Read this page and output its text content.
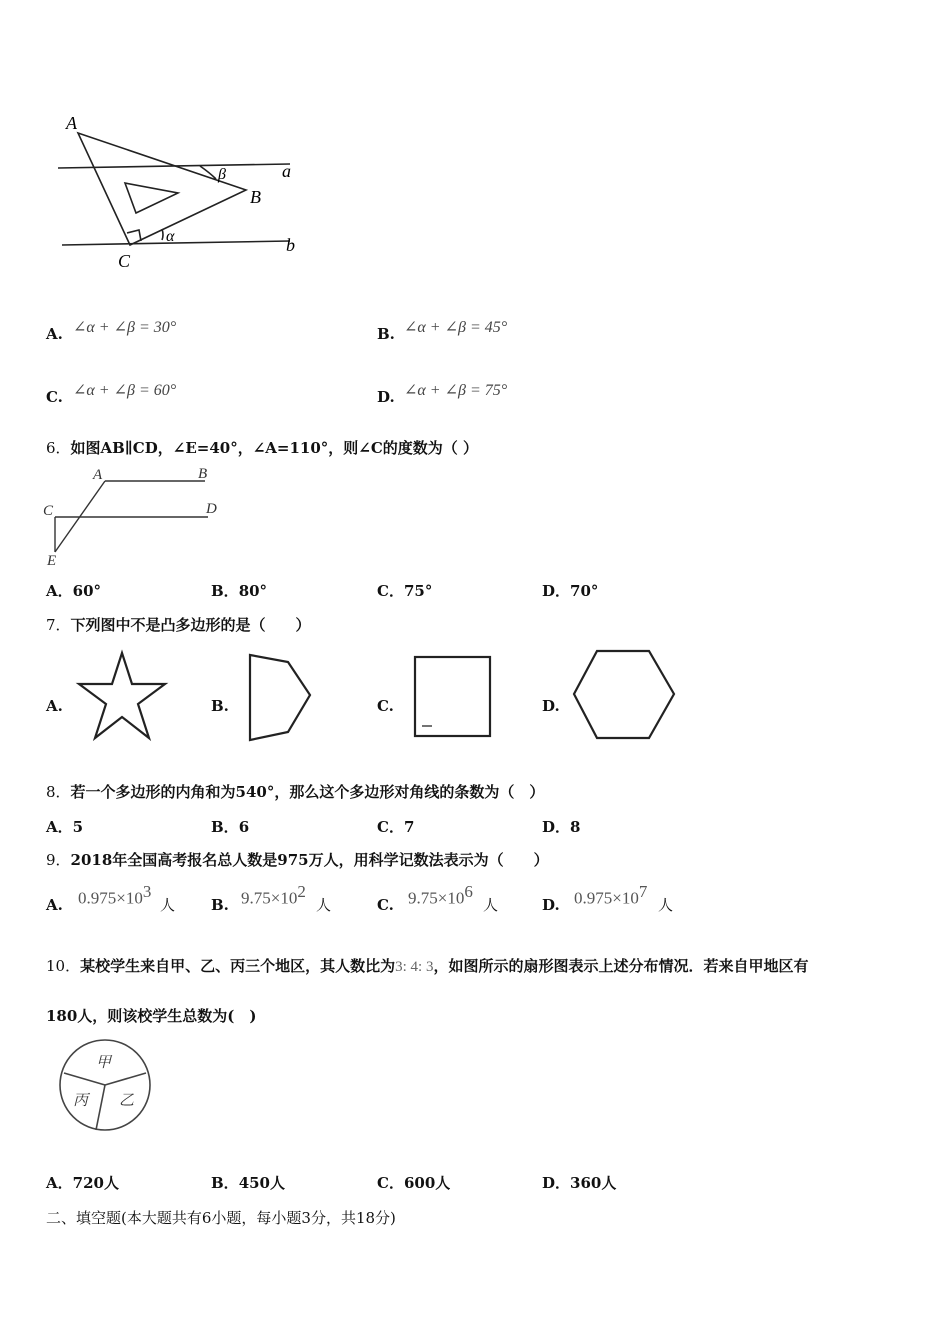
A
B
C
a
b
α
β
A. ∠α + ∠β = 30°	B. ∠α + ∠β = 45°
C. ∠α + ∠β = 60°	D. ∠α + ∠β = 75°
6．如图AB∥CD，∠E=40°，∠A=110°，则∠C的度数为（ ）
A	B
C	D
E
A．60°	B．80°	C．75°	D．70°
7．下列图中不是凸多边形的是（　　）
A.	B.	C.	D.
8．若一个多边形的内角和为540°，那么这个多边形对角线的条数为（　）
A．5	B．6	C．7	D．8
9．2018年全国高考报名总人数是975万人，用科学记数法表示为（　　）
A. $0.975\times 10^3$
人 B. $9.75\times 10^2$
人	C. $9.75\times 10^6$
人	D. $0.975\times 10^7$
人
10．某校学生来自甲、乙、丙三个地区，其人数比为3: 4: 3，如图所示的扇形图表示上述分布情况．若来自甲地区有
180人，则该校学生总数为(　)
甲
乙
丙
A．720人	B．450人	C．600人	D．360人
二、填空题(本大题共有6小题，每小题3分，共18分)
